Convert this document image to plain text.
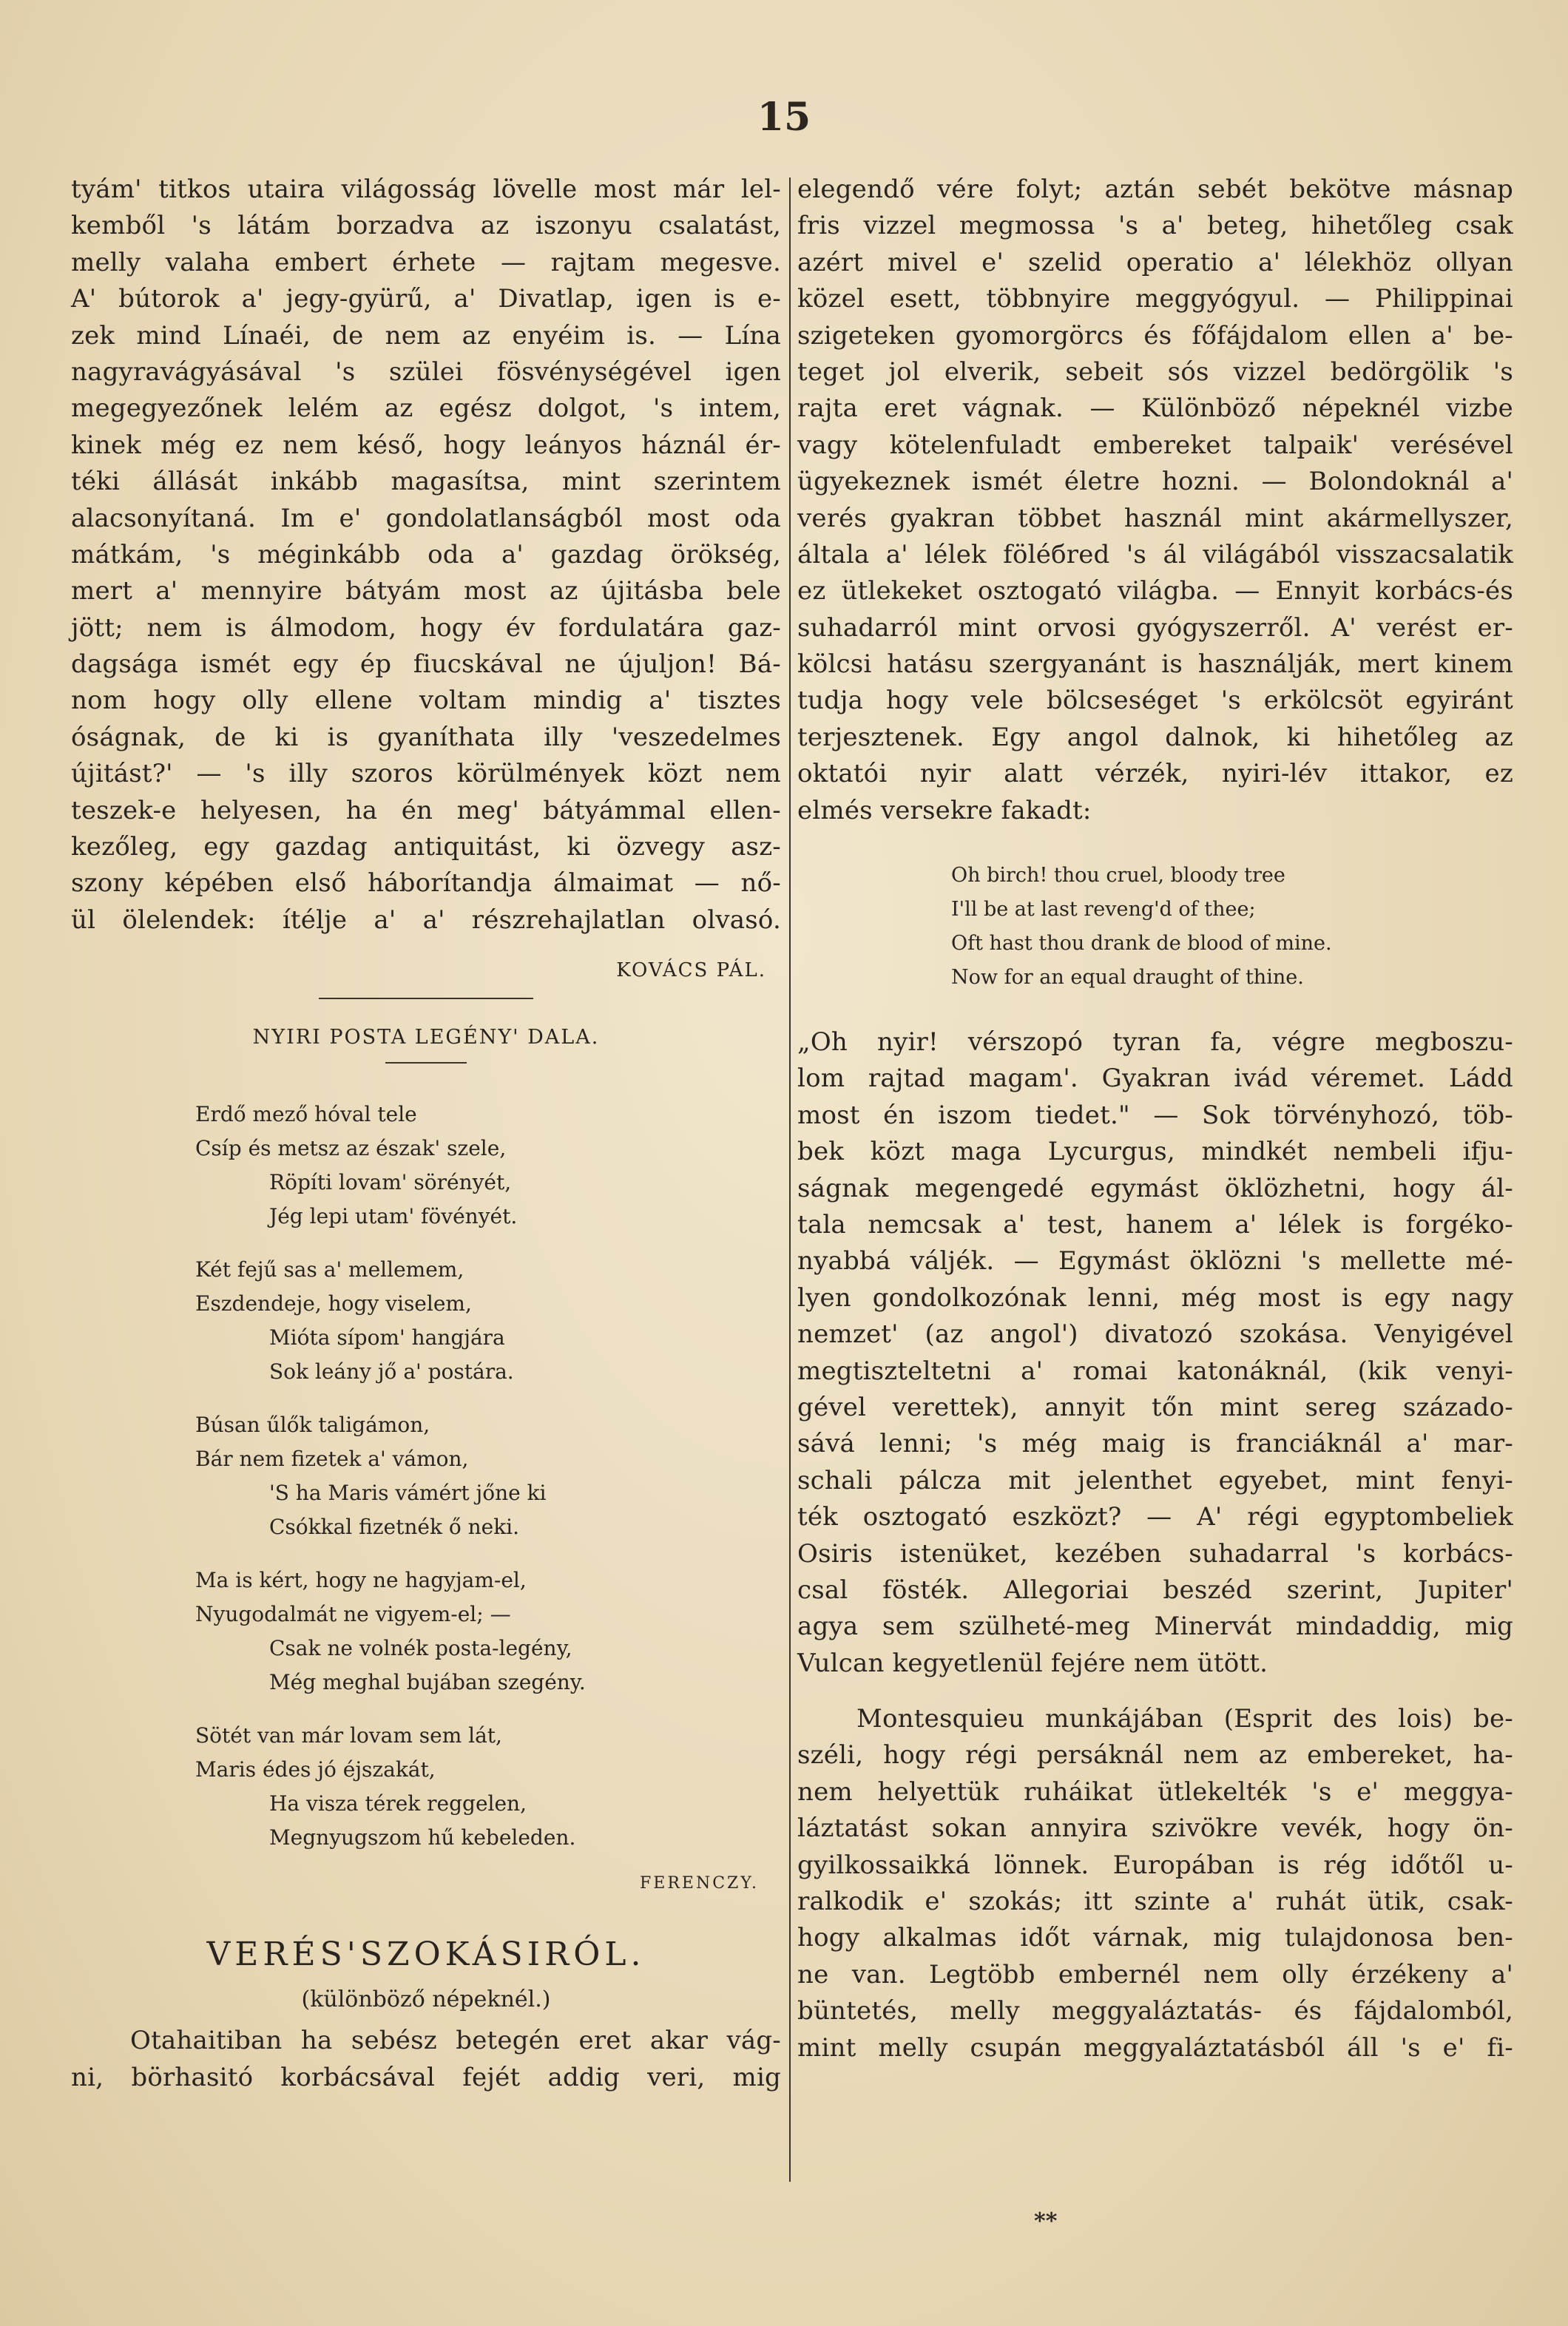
15
tyám' titkos utaira világosság lövelle most már lel-
kemből 's látám borzadva az iszonyu csalatást,
melly valaha embert érhete — rajtam megesve.
A' bútorok a' jegy-gyürű, a' Divatlap, igen is e-
zek mind Línaéi, de nem az enyéim is. — Lína
nagyravágyásával 's szülei fösvénységével igen
megegyezőnek lelém az egész dolgot, 's intem,
kinek még ez nem késő, hogy leányos háznál ér-
téki állását inkább magasítsa, mint szerintem
alacsonyítaná. Im e' gondolatlanságból most oda
mátkám, 's méginkább oda a' gazdag örökség,
mert a' mennyire bátyám most az újitásba bele
jött; nem is álmodom, hogy év fordulatára gaz-
dagsága ismét egy ép fiucskával ne újuljon! Bá-
nom hogy olly ellene voltam mindig a' tisztes
óságnak, de ki is gyaníthata illy 'veszedelmes
újitást?' — 's illy szoros körülmények közt nem
teszek-e helyesen, ha én meg' bátyámmal ellen-
kezőleg, egy gazdag antiquitást, ki özvegy asz-
szony képében első háborítandja álmaimat — nő-
ül ölelendek: ítélje a' a' részrehajlatlan olvasó.
KOVÁCS PÁL.
NYIRI POSTA LEGÉNY' DALA.
Erdő mező hóval tele
Csíp és metsz az észak' szele,
Röpíti lovam' sörényét,
Jég lepi utam' fövényét.
Két fejű sas a' mellemem,
Eszdendeje, hogy viselem,
Mióta sípom' hangjára
Sok leány jő a' postára.
Búsan űlők taligámon,
Bár nem fizetek a' vámon,
'S ha Maris vámért jőne ki
Csókkal fizetnék ő neki.
Ma is kért, hogy ne hagyjam-el,
Nyugodalmát ne vigyem-el; —
Csak ne volnék posta-legény,
Még meghal bujában szegény.
Sötét van már lovam sem lát,
Maris édes jó éjszakát,
Ha visza térek reggelen,
Megnyugszom hű kebeleden.
FERENCZY.
VERÉS'SZOKÁSIRÓL.
(különböző népeknél.)
Otahaitiban ha sebész betegén eret akar vág-
ni, börhasitó korbácsával fejét addig veri, mig
elegendő vére folyt; aztán sebét bekötve másnap
fris vizzel megmossa 's a' beteg, hihetőleg csak
azért mivel e' szelid operatio a' lélekhöz ollyan
közel esett, többnyire meggyógyul. — Philippinai
szigeteken gyomorgörcs és főfájdalom ellen a' be-
teget jol elverik, sebeit sós vizzel bedörgölik 's
rajta eret vágnak. — Különböző népeknél vizbe
vagy kötelenfuladt embereket talpaik' verésével
ügyekeznek ismét életre hozni. — Bolondoknál a'
verés gyakran többet használ mint akármellyszer,
általa a' lélek föléбred 's ál világából visszacsalatik
ez ütlekeket osztogató világba. — Ennyit korbács-és
suhadarról mint orvosi gyógyszerről. A' verést er-
kölcsi hatásu szergyanánt is használják, mert kinem
tudja hogy vele bölcseséget 's erkölcsöt egyiránt
terjesztenek. Egy angol dalnok, ki hihetőleg az
oktatói nyir alatt vérzék, nyiri-lév ittakor, ez
elmés versekre fakadt:
Oh birch! thou cruel, bloody tree
I'll be at last reveng'd of thee;
Oft hast thou drank de blood of mine.
Now for an equal draught of thine.
„Oh nyir! vérszopó tyran fa, végre megboszu-
lom rajtad magam'. Gyakran ivád véremet. Ládd
most én iszom tiedet." — Sok törvényhozó, töb-
bek közt maga Lycurgus, mindkét nembeli ifju-
ságnak megengedé egymást öklözhetni, hogy ál-
tala nemcsak a' test, hanem a' lélek is forgéko-
nyabbá váljék. — Egymást öklözni 's mellette mé-
lyen gondolkozónak lenni, még most is egy nagy
nemzet' (az angol') divatozó szokása. Venyigével
megtiszteltetni a' romai katonáknál, (kik venyi-
gével verettek), annyit tőn mint sereg százado-
sává lenni; 's még maig is franciáknál a' mar-
schali pálcza mit jelenthet egyebet, mint fenyi-
ték osztogató eszközt? — A' régi egyptombeliek
Osiris istenüket, kezében suhadarral 's korbács-
csal fösték. Allegoriai beszéd szerint, Jupiter'
agya sem szülheté-meg Minervát mindaddig, mig
Vulcan kegyetlenül fejére nem ütött.
Montesquieu munkájában (Esprit des lois) be-
széli, hogy régi persáknál nem az embereket, ha-
nem helyettük ruháikat ütlekelték 's e' meggya-
láztatást sokan annyira szivökre vevék, hogy ön-
gyilkossaikká lönnek. Europában is rég időtől u-
ralkodik e' szokás; itt szinte a' ruhát ütik, csak-
hogy alkalmas időt várnak, mig tulajdonosa ben-
ne van. Legtöbb embernél nem olly érzékeny a'
büntetés, melly meggyaláztatás- és fájdalomból,
mint melly csupán meggyaláztatásból áll 's e' fi-
**
